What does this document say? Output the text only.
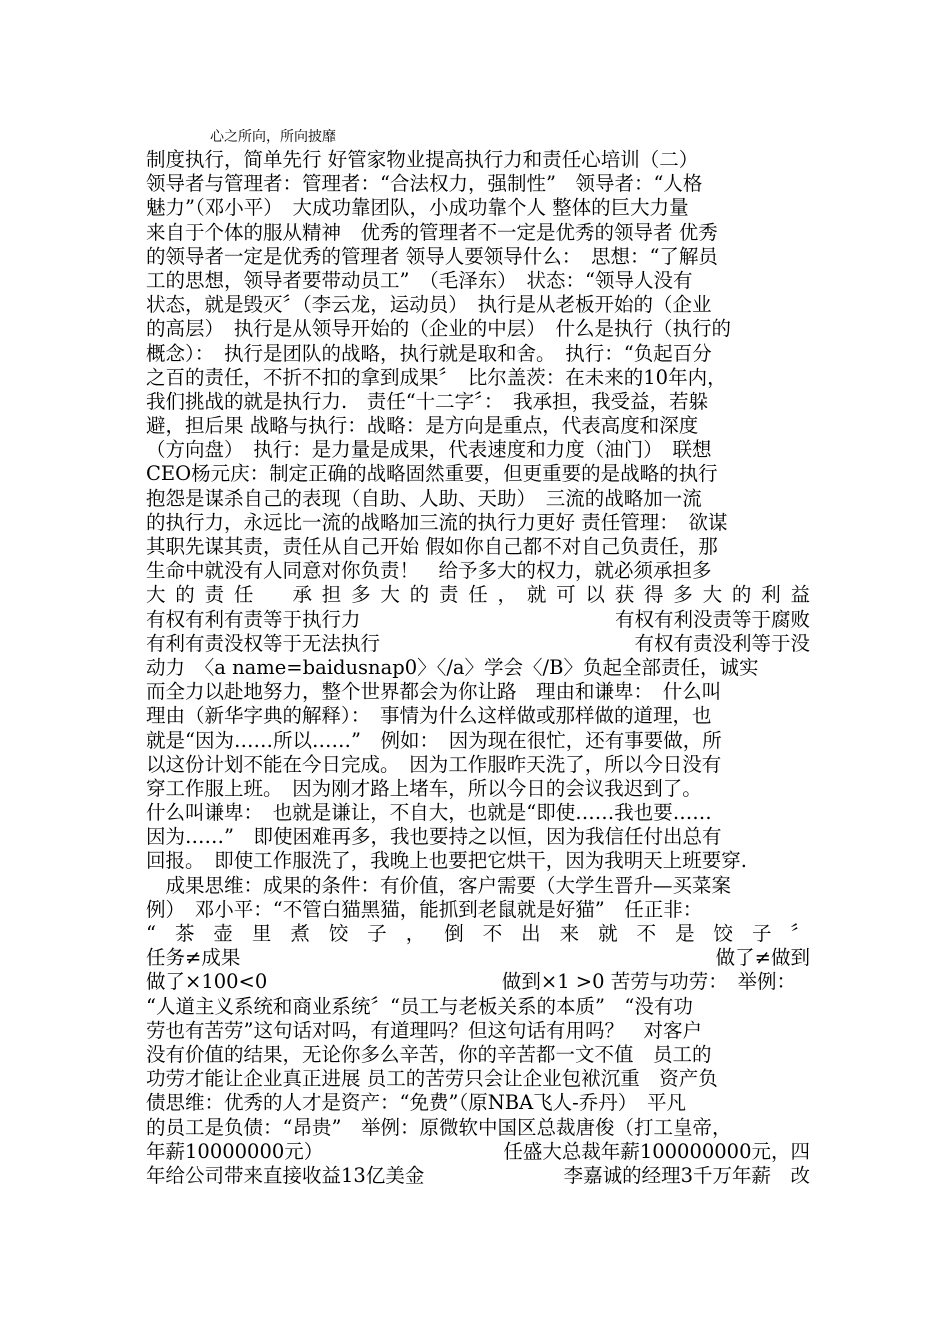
心之所向，所向披靡
制度执行，简单先行 好管家物业提高执行力和责任心培训（二）
领导者与管理者：管理者：“合法权力，强制性”　领导者：“人格
魅力”（邓小平）　大成功靠团队，小成功靠个人 整体的巨大力量
来自于个体的服从精神　优秀的管理者不一定是优秀的领导者 优秀
的领导者一定是优秀的管理者 领导人要领导什么：　思想：“了解员
工的思想，领导者要带动员工”　（毛泽东）　状态：“领导人没有
状态，就是毁灭〞（李云龙，运动员）　执行是从老板开始的（企业
的高层）　执行是从领导开始的（企业的中层）　什么是执行（执行的
概念）：　执行是团队的战略，执行就是取和舍。　执行：“负起百分
之百的责任，不折不扣的拿到成果〞　比尔盖茨：在未来的10年内，
我们挑战的就是执行力.　责任“十二字〞：　我承担，我受益，若躲
避，担后果 战略与执行：战略：是方向是重点，代表高度和深度
（方向盘）　执行：是力量是成果，代表速度和力度（油门）　联想
CEO杨元庆：制定正确的战略固然重要，但更重要的是战略的执行
抱怨是谋杀自己的表现（自助、人助、天助）　三流的战略加一流
的执行力，永远比一流的战略加三流的执行力更好 责任管理：　欲谋
其职先谋其责，责任从自己开始 假如你自己都不对自己负责任，那
生命中就没有人同意对你负责！　给予多大的权力，就必须承担多
大的责任　承担多大的责任，就可以获得多大的利益
有权有利有责等于执行力	有权有利没责等于腐败
有利有责没权等于无法执行	有权有责没利等于没
动力　〈a name=baidusnap0〉〈/a〉学会〈/B〉负起全部责任，诚实
而全力以赴地努力，整个世界都会为你让路　理由和谦卑：　什么叫
理由（新华字典的解释）：　事情为什么这样做或那样做的道理，也
就是“因为……所以……”　例如：　因为现在很忙，还有事要做，所
以这份计划不能在今日完成。　因为工作服昨天洗了，所以今日没有
穿工作服上班。　因为刚才路上堵车，所以今日的会议我迟到了。
什么叫谦卑：　也就是谦让，不自大，也就是“即使……我也要……
因为……”　即使困难再多，我也要持之以恒，因为我信任付出总有
回报。　即使工作服洗了，我晚上也要把它烘干，因为我明天上班要穿.
　成果思维：成果的条件：有价值，客户需要（大学生晋升—买菜案
例）　邓小平：“不管白猫黑猫，能抓到老鼠就是好猫”　任正非：
“茶壶里煮饺子，倒不出来就不是饺子〞
任务≠成果	做了≠做到
做了×100<0	做到×1 >0 苦劳与功劳：　举例：
“人道主义系统和商业系统〞“员工与老板关系的本质”　“没有功
劳也有苦劳”这句话对吗，有道理吗？但这句话有用吗？　对客户
没有价值的结果，无论你多么辛苦，你的辛苦都一文不值　员工的
功劳才能让企业真正进展 员工的苦劳只会让企业包袱沉重　资产负
债思维：优秀的人才是资产：“免费”（原NBA飞人-乔丹）　平凡
的员工是负债：“昂贵”　举例：原微软中国区总裁唐俊（打工皇帝，
年薪10000000元）	任盛大总裁年薪100000000元，四
年给公司带来直接收益13亿美金	李嘉诚的经理3千万年薪　改
